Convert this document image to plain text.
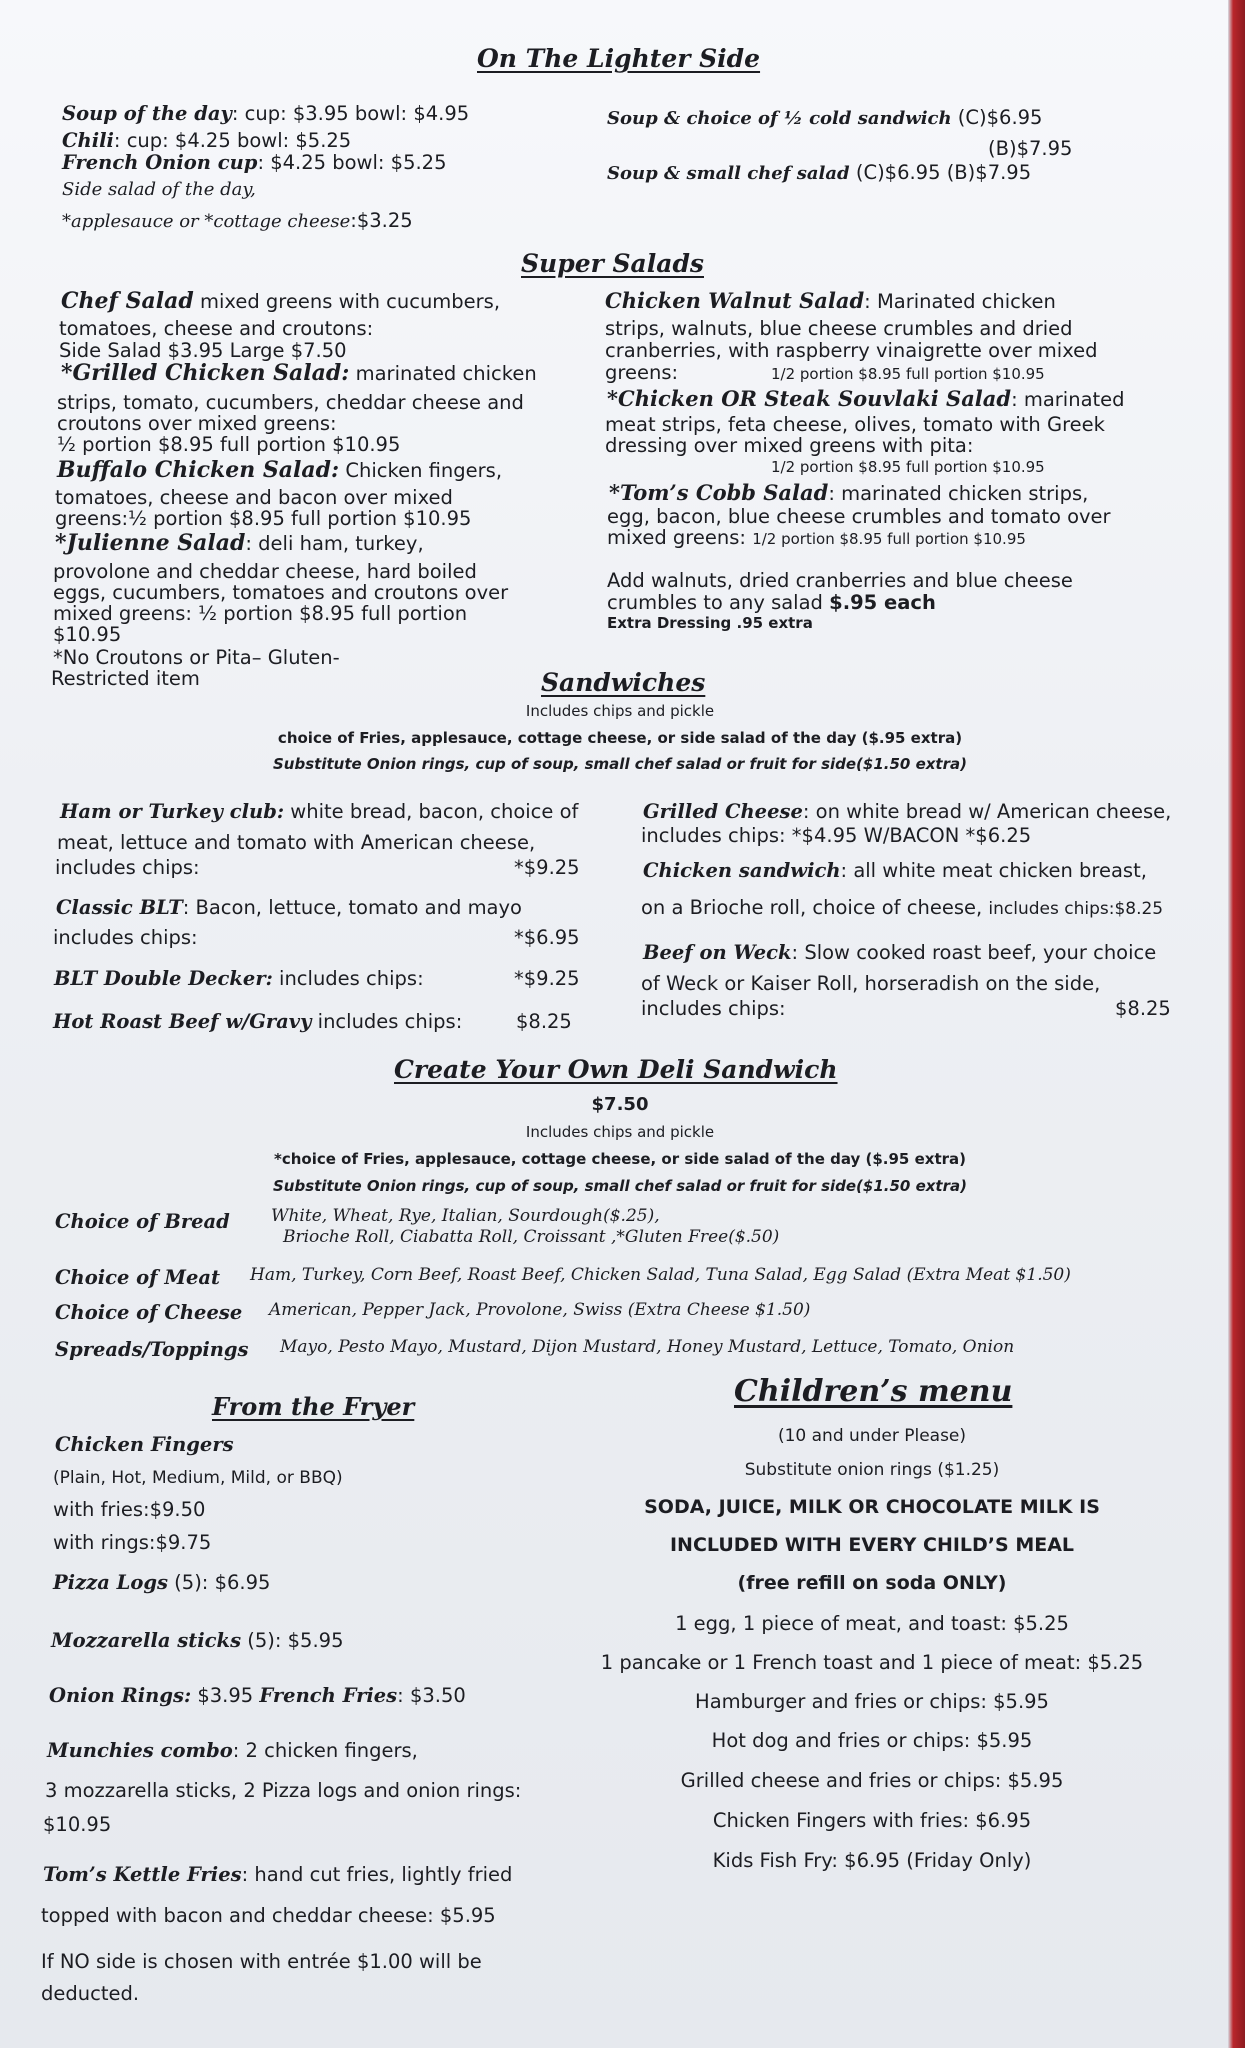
On The Lighter Side
Soup of the day: cup: $3.95 bowl: $4.95
Chili: cup: $4.25 bowl: $5.25
French Onion cup: $4.25 bowl: $5.25
Side salad of the day,
*applesauce or *cottage cheese:$3.25
Soup & choice of ½ cold sandwich (C)$6.95
(B)$7.95
Soup & small chef salad (C)$6.95 (B)$7.95
Super Salads
Chef Salad mixed greens with cucumbers,
tomatoes, cheese and croutons:
Side Salad $3.95 Large $7.50
*Grilled Chicken Salad: marinated chicken
strips, tomato, cucumbers, cheddar cheese and
croutons over mixed greens:
½ portion $8.95 full portion $10.95
Buffalo Chicken Salad: Chicken fingers,
tomatoes, cheese and bacon over mixed
greens:½ portion $8.95 full portion $10.95
*Julienne Salad: deli ham, turkey,
provolone and cheddar cheese, hard boiled
eggs, cucumbers, tomatoes and croutons over
mixed greens: ½ portion $8.95 full portion
$10.95
*No Croutons or Pita– Gluten-
Restricted item
Chicken Walnut Salad: Marinated chicken
strips, walnuts, blue cheese crumbles and dried
cranberries, with raspberry vinaigrette over mixed
greens:	1/2 portion $8.95 full portion $10.95
*Chicken OR Steak Souvlaki Salad: marinated
meat strips, feta cheese, olives, tomato with Greek
dressing over mixed greens with pita:
1/2 portion $8.95 full portion $10.95
*Tom’s Cobb Salad: marinated chicken strips,
egg, bacon, blue cheese crumbles and tomato over
mixed greens: 1/2 portion $8.95 full portion $10.95
Add walnuts, dried cranberries and blue cheese
crumbles to any salad $.95 each
Extra Dressing .95 extra
Sandwiches
Includes chips and pickle
choice of Fries, applesauce, cottage cheese, or side salad of the day ($.95 extra)
Substitute Onion rings, cup of soup, small chef salad or fruit for side($1.50 extra)
Ham or Turkey club: white bread, bacon, choice of
meat, lettuce and tomato with American cheese,
includes chips:	*$9.25
Classic BLT: Bacon, lettuce, tomato and mayo
includes chips:	*$6.95
BLT Double Decker: includes chips:	*$9.25
Hot Roast Beef w/Gravy includes chips:	$8.25
Grilled Cheese: on white bread w/ American cheese,
includes chips: *$4.95 W/BACON *$6.25
Chicken sandwich: all white meat chicken breast,
on a Brioche roll, choice of cheese, includes chips:$8.25
Beef on Weck: Slow cooked roast beef, your choice
of Weck or Kaiser Roll, horseradish on the side,
includes chips:	$8.25
Create Your Own Deli Sandwich
$7.50
Includes chips and pickle
*choice of Fries, applesauce, cottage cheese, or side salad of the day ($.95 extra)
Substitute Onion rings, cup of soup, small chef salad or fruit for side($1.50 extra)
Choice of Bread White, Wheat, Rye, Italian, Sourdough($.25),
Brioche Roll, Ciabatta Roll, Croissant ,*Gluten Free($.50)
Choice of Meat Ham, Turkey, Corn Beef, Roast Beef, Chicken Salad, Tuna Salad, Egg Salad (Extra Meat $1.50)
Choice of Cheese American, Pepper Jack, Provolone, Swiss (Extra Cheese $1.50)
Spreads/Toppings Mayo, Pesto Mayo, Mustard, Dijon Mustard, Honey Mustard, Lettuce, Tomato, Onion
From the Fryer
Chicken Fingers
(Plain, Hot, Medium, Mild, or BBQ)
with fries:$9.50
with rings:$9.75
Pizza Logs (5): $6.95
Mozzarella sticks (5): $5.95
Onion Rings: $3.95 French Fries: $3.50
Munchies combo: 2 chicken fingers,
3 mozzarella sticks, 2 Pizza logs and onion rings:
$10.95
Tom’s Kettle Fries: hand cut fries, lightly fried
topped with bacon and cheddar cheese: $5.95
If NO side is chosen with entrée $1.00 will be
deducted.
Children’s menu
(10 and under Please)
Substitute onion rings ($1.25)
SODA, JUICE, MILK OR CHOCOLATE MILK IS
INCLUDED WITH EVERY CHILD’S MEAL
(free refill on soda ONLY)
1 egg, 1 piece of meat, and toast: $5.25
1 pancake or 1 French toast and 1 piece of meat: $5.25
Hamburger and fries or chips: $5.95
Hot dog and fries or chips: $5.95
Grilled cheese and fries or chips: $5.95
Chicken Fingers with fries: $6.95
Kids Fish Fry: $6.95 (Friday Only)
